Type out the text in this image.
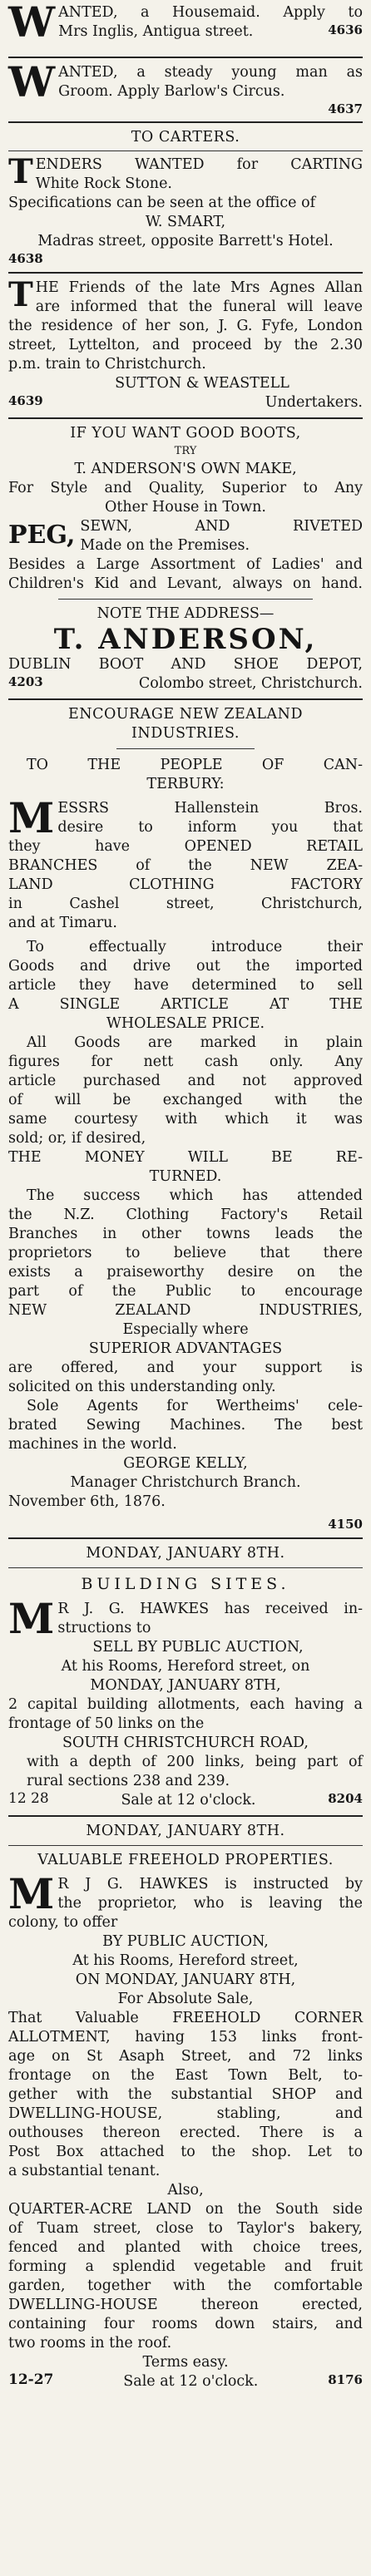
W ANTED, a Housemaid. Apply to

Mrs Inglis, Antigua street.	4636
W ANTED, a steady young man as

Groom. Apply Barlow's Circus.

4637

TO CARTERS.

T ENDERS WANTED for CARTING

White Rock Stone.

Specifications can be seen at the office of

W. SMART,

Madras street, opposite Barrett's Hotel.

4638

T HE Friends of the late Mrs Agnes Allan

are informed that the funeral will leave

the residence of her son, J. G. Fyfe, London

street, Lyttelton, and proceed by the 2.30

p.m. train to Christchurch.

SUTTON & WEASTELL

4639	Undertakers.

IF YOU WANT GOOD BOOTS,

TRY

T. ANDERSON'S OWN MAKE,

For Style and Quality, Superior to Any

Other House in Town.

PEG, SEWN, AND RIVETED

Made on the Premises.

Besides a Large Assortment of Ladies' and

Children's Kid and Levant, always on hand.

NOTE THE ADDRESS—

T. ANDERSON,

DUBLIN BOOT AND SHOE DEPOT,

4203	Colombo street, Christchurch.

ENCOURAGE NEW ZEALAND

INDUSTRIES.

TO THE PEOPLE OF CAN-

TERBURY:

M ESSRS Hallenstein Bros.

desire to inform you that

they have OPENED RETAIL

BRANCHES of the NEW ZEA-

LAND CLOTHING FACTORY

in Cashel street, Christchurch,

and at Timaru.

To effectually introduce their

Goods and drive out the imported

article they have determined to sell

A SINGLE ARTICLE AT THE

WHOLESALE PRICE.

All Goods are marked in plain

figures for nett cash only. Any

article purchased and not approved

of will be exchanged with the

same courtesy with which it was

sold; or, if desired,

THE MONEY WILL BE RE-

TURNED.

The success which has attended

the N.Z. Clothing Factory's Retail

Branches in other towns leads the

proprietors to believe that there

exists a praiseworthy desire on the

part of the Public to encourage

NEW ZEALAND INDUSTRIES,

Especially where

SUPERIOR ADVANTAGES

are offered, and your support is

solicited on this understanding only.

Sole Agents for Wertheims' cele-

brated Sewing Machines. The best

machines in the world.

GEORGE KELLY,

Manager Christchurch Branch.

November 6th, 1876.

4150

MONDAY, JANUARY 8TH.

BUILDING SITES.

M R J. G. HAWKES has received in-

structions to

SELL BY PUBLIC AUCTION,

At his Rooms, Hereford street, on

MONDAY, JANUARY 8TH,

2 capital building allotments, each having a

frontage of 50 links on the

SOUTH CHRISTCHURCH ROAD,

with a depth of 200 links, being part of

rural sections 238 and 239.

12 28	Sale at 12 o'clock.	8204

MONDAY, JANUARY 8TH.

VALUABLE FREEHOLD PROPERTIES.

M R J G. HAWKES is instructed by

the proprietor, who is leaving the

colony, to offer

BY PUBLIC AUCTION,

At his Rooms, Hereford street,

ON MONDAY, JANUARY 8TH,

For Absolute Sale,

That Valuable FREEHOLD CORNER

ALLOTMENT, having 153 links front-

age on St Asaph Street, and 72 links

frontage on the East Town Belt, to-

gether with the substantial SHOP and

DWELLING-HOUSE, stabling, and

outhouses thereon erected. There is a

Post Box attached to the shop. Let to

a substantial tenant.

Also,

QUARTER-ACRE LAND on the South side

of Tuam street, close to Taylor's bakery,

fenced and planted with choice trees,

forming a splendid vegetable and fruit

garden, together with the comfortable

DWELLING-HOUSE thereon erected,

containing four rooms down stairs, and

two rooms in the roof.

Terms easy.

12-27	Sale at 12 o'clock.	8176
